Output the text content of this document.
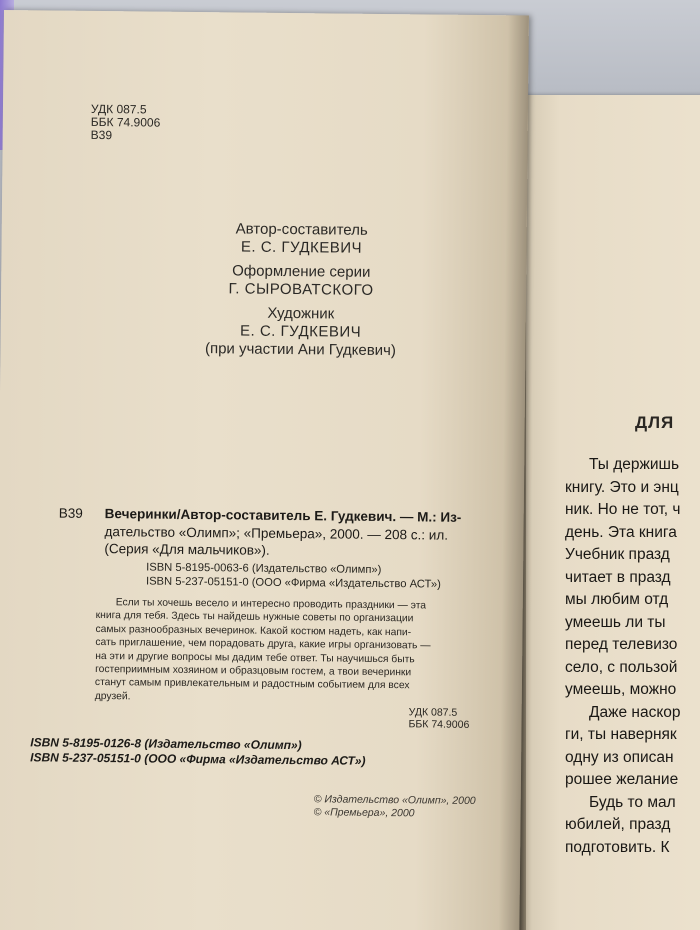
УДК 087.5
ББК 74.9006
В39
Автор-составитель
Е. С. ГУДКЕВИЧ
Оформление серии
Г. СЫРОВАТСКОГО
Художник
Е. С. ГУДКЕВИЧ
(при участии Ани Гудкевич)
В39	Вечеринки/Автор-составитель Е. Гудкевич. — М.: Из-
дательство «Олимп»; «Премьера», 2000. — 208 с.: ил.
(Серия «Для мальчиков»).
ISBN 5-8195-0063-6 (Издательство «Олимп»)
ISBN 5-237-05151-0 (ООО «Фирма «Издательство АСТ»)
Если ты хочешь весело и интересно проводить праздники — эта
книга для тебя. Здесь ты найдешь нужные советы по организации
самых разнообразных вечеринок. Какой костюм надеть, как напи-
сать приглашение, чем порадовать друга, какие игры организовать —
на эти и другие вопросы мы дадим тебе ответ. Ты научишься быть
гостеприимным хозяином и образцовым гостем, а твои вечеринки
станут самым привлекательным и радостным событием для всех
друзей.
УДК 087.5
ББК 74.9006
ISBN 5-8195-0126-8 (Издательство «Олимп»)
ISBN 5-237-05151-0 (ООО «Фирма «Издательство АСТ»)
© Издательство «Олимп», 2000
© «Премьера», 2000
ДЛЯ
Ты держишь
книгу. Это и энц
ник. Но не тот, ч
день. Эта книга
Учебник празд
читает в празд
мы любим отд
умеешь ли ты
перед телевизо
село, с пользой
умеешь, можно
Даже наскор
ги, ты наверняк
одну из описан
рошее желание
Будь то мал
юбилей, празд
подготовить. К
